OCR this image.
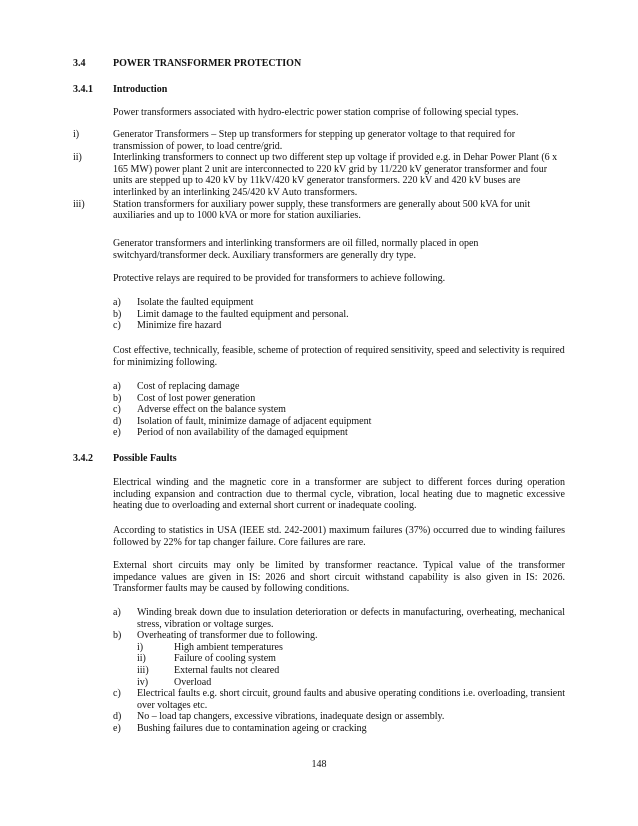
3.4	POWER TRANSFORMER PROTECTION
3.4.1 Introduction
Power transformers associated with hydro-electric power station comprise of following special types.
i)	Generator Transformers – Step up transformers for stepping up generator voltage to that required for transmission of power, to load centre/grid.
ii)	Interlinking transformers to connect up two different step up voltage if provided e.g. in Dehar Power Plant (6 x 165 MW) power plant 2 unit are interconnected to 220 kV grid by 11/220 kV generator transformer and four units are stepped up to 420 kV by 11kV/420 kV generator transformers. 220 kV and 420 kV buses are interlinked by an interlinking 245/420 kV Auto transformers.
iii)	Station transformers for auxiliary power supply, these transformers are generally about 500 kVA for unit auxiliaries and up to 1000 kVA or more for station auxiliaries.
Generator transformers and interlinking transformers are oil filled, normally placed in open switchyard/transformer deck. Auxiliary transformers are generally dry type.
Protective relays are required to be provided for transformers to achieve following.
a) Isolate the faulted equipment
b) Limit damage to the faulted equipment and personal.
c) Minimize fire hazard
Cost effective, technically, feasible, scheme of protection of required sensitivity, speed and selectivity is required for minimizing following.
a) Cost of replacing damage
b) Cost of lost power generation
c) Adverse effect on the balance system
d) Isolation of fault, minimize damage of adjacent equipment
e) Period of non availability of the damaged equipment
3.4.2 Possible Faults
Electrical winding and the magnetic core in a transformer are subject to different forces during operation including expansion and contraction due to thermal cycle, vibration, local heating due to magnetic excessive heating due to overloading and external short current or inadequate cooling.
According to statistics in USA (IEEE std. 242-2001) maximum failures (37%) occurred due to winding failures followed by 22% for tap changer failure. Core failures are rare.
External short circuits may only be limited by transformer reactance. Typical value of the transformer impedance values are given in IS: 2026 and short circuit withstand capability is also given in IS: 2026. Transformer faults may be caused by following conditions.
a) Winding break down due to insulation deterioration or defects in manufacturing, overheating, mechanical stress, vibration or voltage surges.
b) Overheating of transformer due to following.
i)	High ambient temperatures
ii)	Failure of cooling system
iii)	External faults not cleared
iv)	Overload
c) Electrical faults e.g. short circuit, ground faults and abusive operating conditions i.e. overloading, transient over voltages etc.
d) No – load tap changers, excessive vibrations, inadequate design or assembly.
e) Bushing failures due to contamination ageing or cracking
148
